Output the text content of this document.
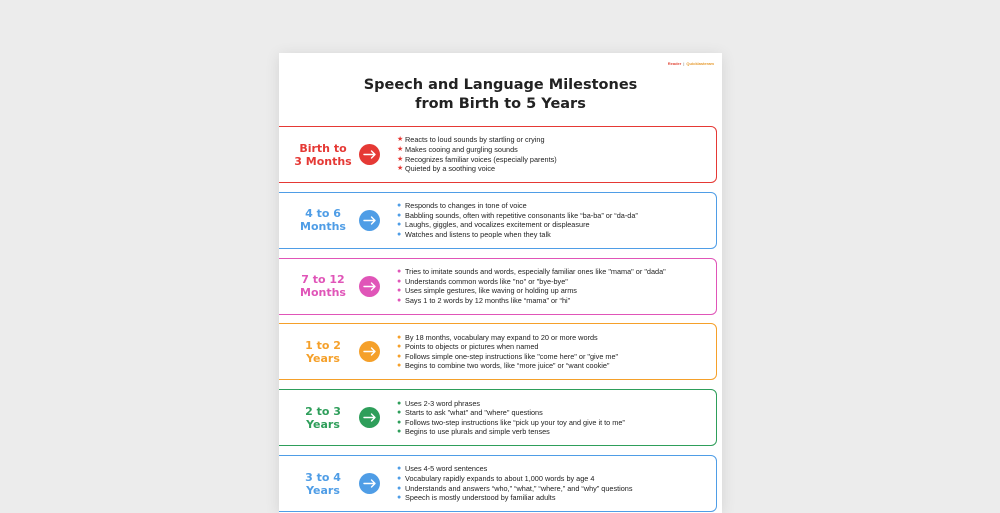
Reader | Quicklasteram
Speech and Language Milestones
from Birth to 5 Years
Birth to
3 Months
★ Reacts to loud sounds by startling or crying
★ Makes cooing and gurgling sounds
★ Recognizes familiar voices (especially parents)
★ Quieted by a soothing voice
4 to 6
Months
● Responds to changes in tone of voice
● Babbling sounds, often with repetitive consonants like “ba-ba” or “da-da”
● Laughs, giggles, and vocalizes excitement or displeasure
● Watches and listens to people when they talk
7 to 12
Months
● Tries to imitate sounds and words, especially familiar ones like "mama" or "dada"
● Understands common words like "no" or "bye-bye"
● Uses simple gestures, like waving or holding up arms
● Says 1 to 2 words by 12 months like “mama” or “hi”
1 to 2
Years
● By 18 months, vocabulary may expand to 20 or more words
● Points to objects or pictures when named
● Follows simple one-step instructions like "come here" or "give me"
● Begins to combine two words, like “more juice” or “want cookie”
2 to 3
Years
● Uses 2-3 word phrases
● Starts to ask "what" and "where" questions
● Follows two-step instructions like “pick up your toy and give it to me”
● Begins to use plurals and simple verb tenses
3 to 4
Years
● Uses 4-5 word sentences
● Vocabulary rapidly expands to about 1,000 words by age 4
● Understands and answers “who,” “what,” “where,” and “why” questions
● Speech is mostly understood by familiar adults
